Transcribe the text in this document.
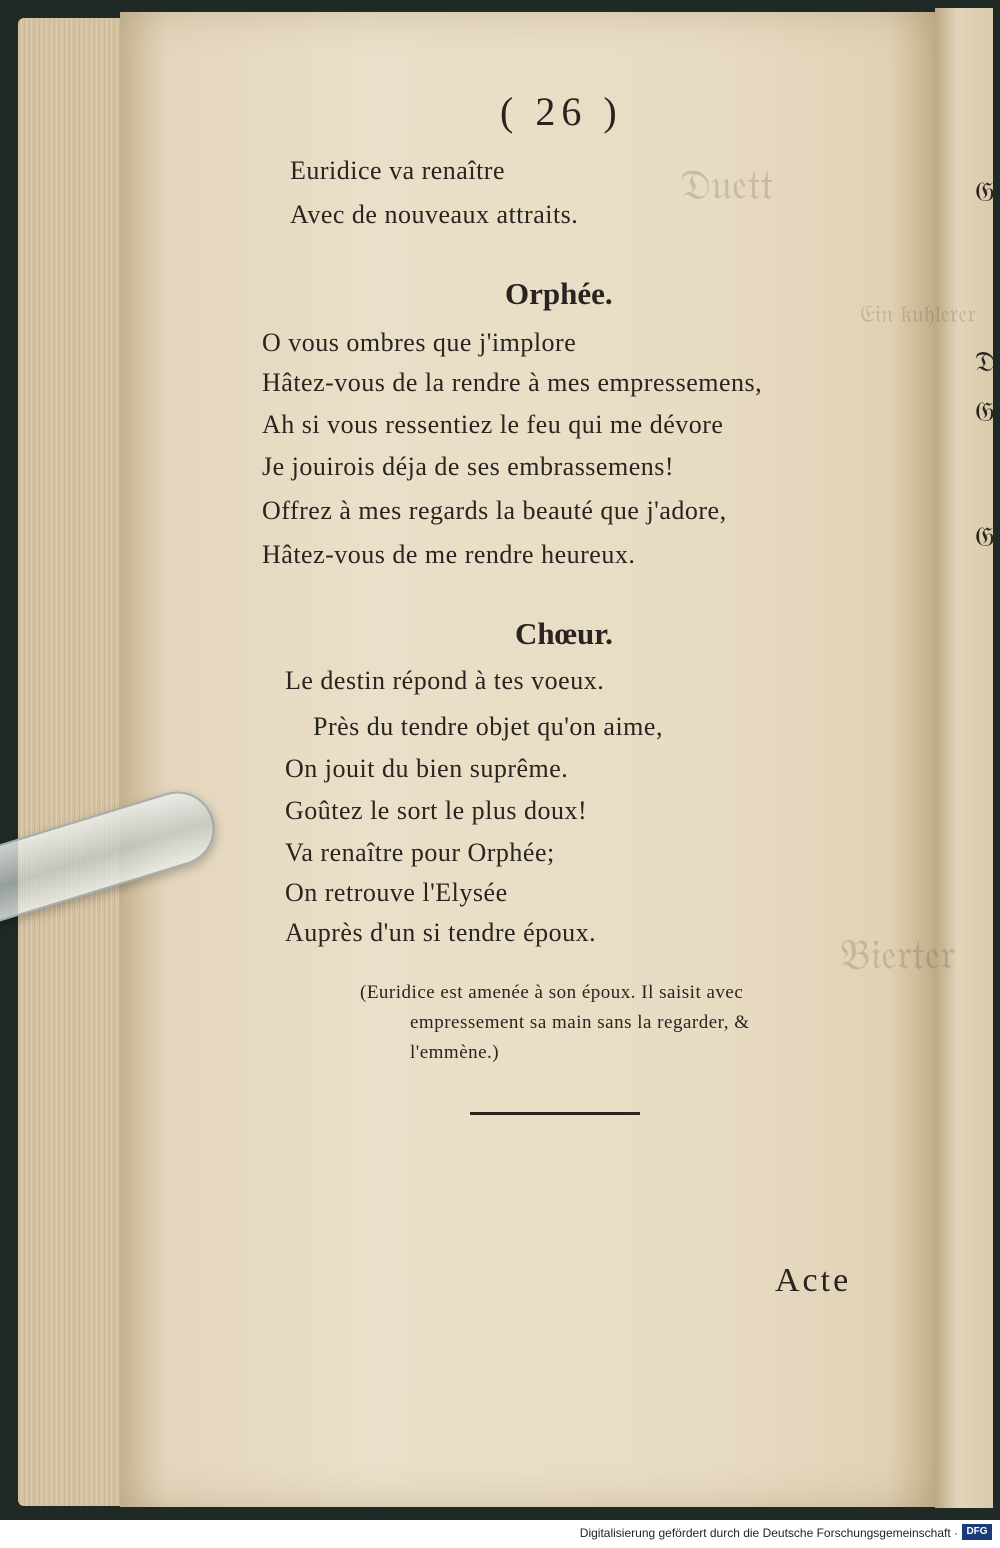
𝔊
𝔇
𝔊
𝔊
𝔇𝔲𝔢𝔱𝔱
𝔈𝔦𝔫 𝔨𝔲𝔥𝔩𝔢𝔯𝔢𝔯
𝔅𝔦𝔢𝔯𝔱𝔢𝔯
( 26 )
Euridice va renaître
Avec de nouveaux attraits.
Orphée.
O vous ombres que j'implore
Hâtez-vous de la rendre à mes empressemens,
Ah si vous ressentiez le feu qui me dévore
Je jouirois déja de ses embrassemens!
Offrez à mes regards la beauté que j'adore,
Hâtez-vous de me rendre heureux.
Chœur.
Le destin répond à tes voeux.
Près du tendre objet qu'on aime,
On jouit du bien suprême.
Goûtez le sort le plus doux!
Va renaître pour Orphée;
On retrouve l'Elysée
Auprès d'un si tendre époux.
(Euridice est amenée à son époux. Il saisit avec
empressement sa main sans la regarder, &
l'emmène.)
Acte
Digitalisierung gefördert durch die Deutsche Forschungsgemeinschaft · DFG
